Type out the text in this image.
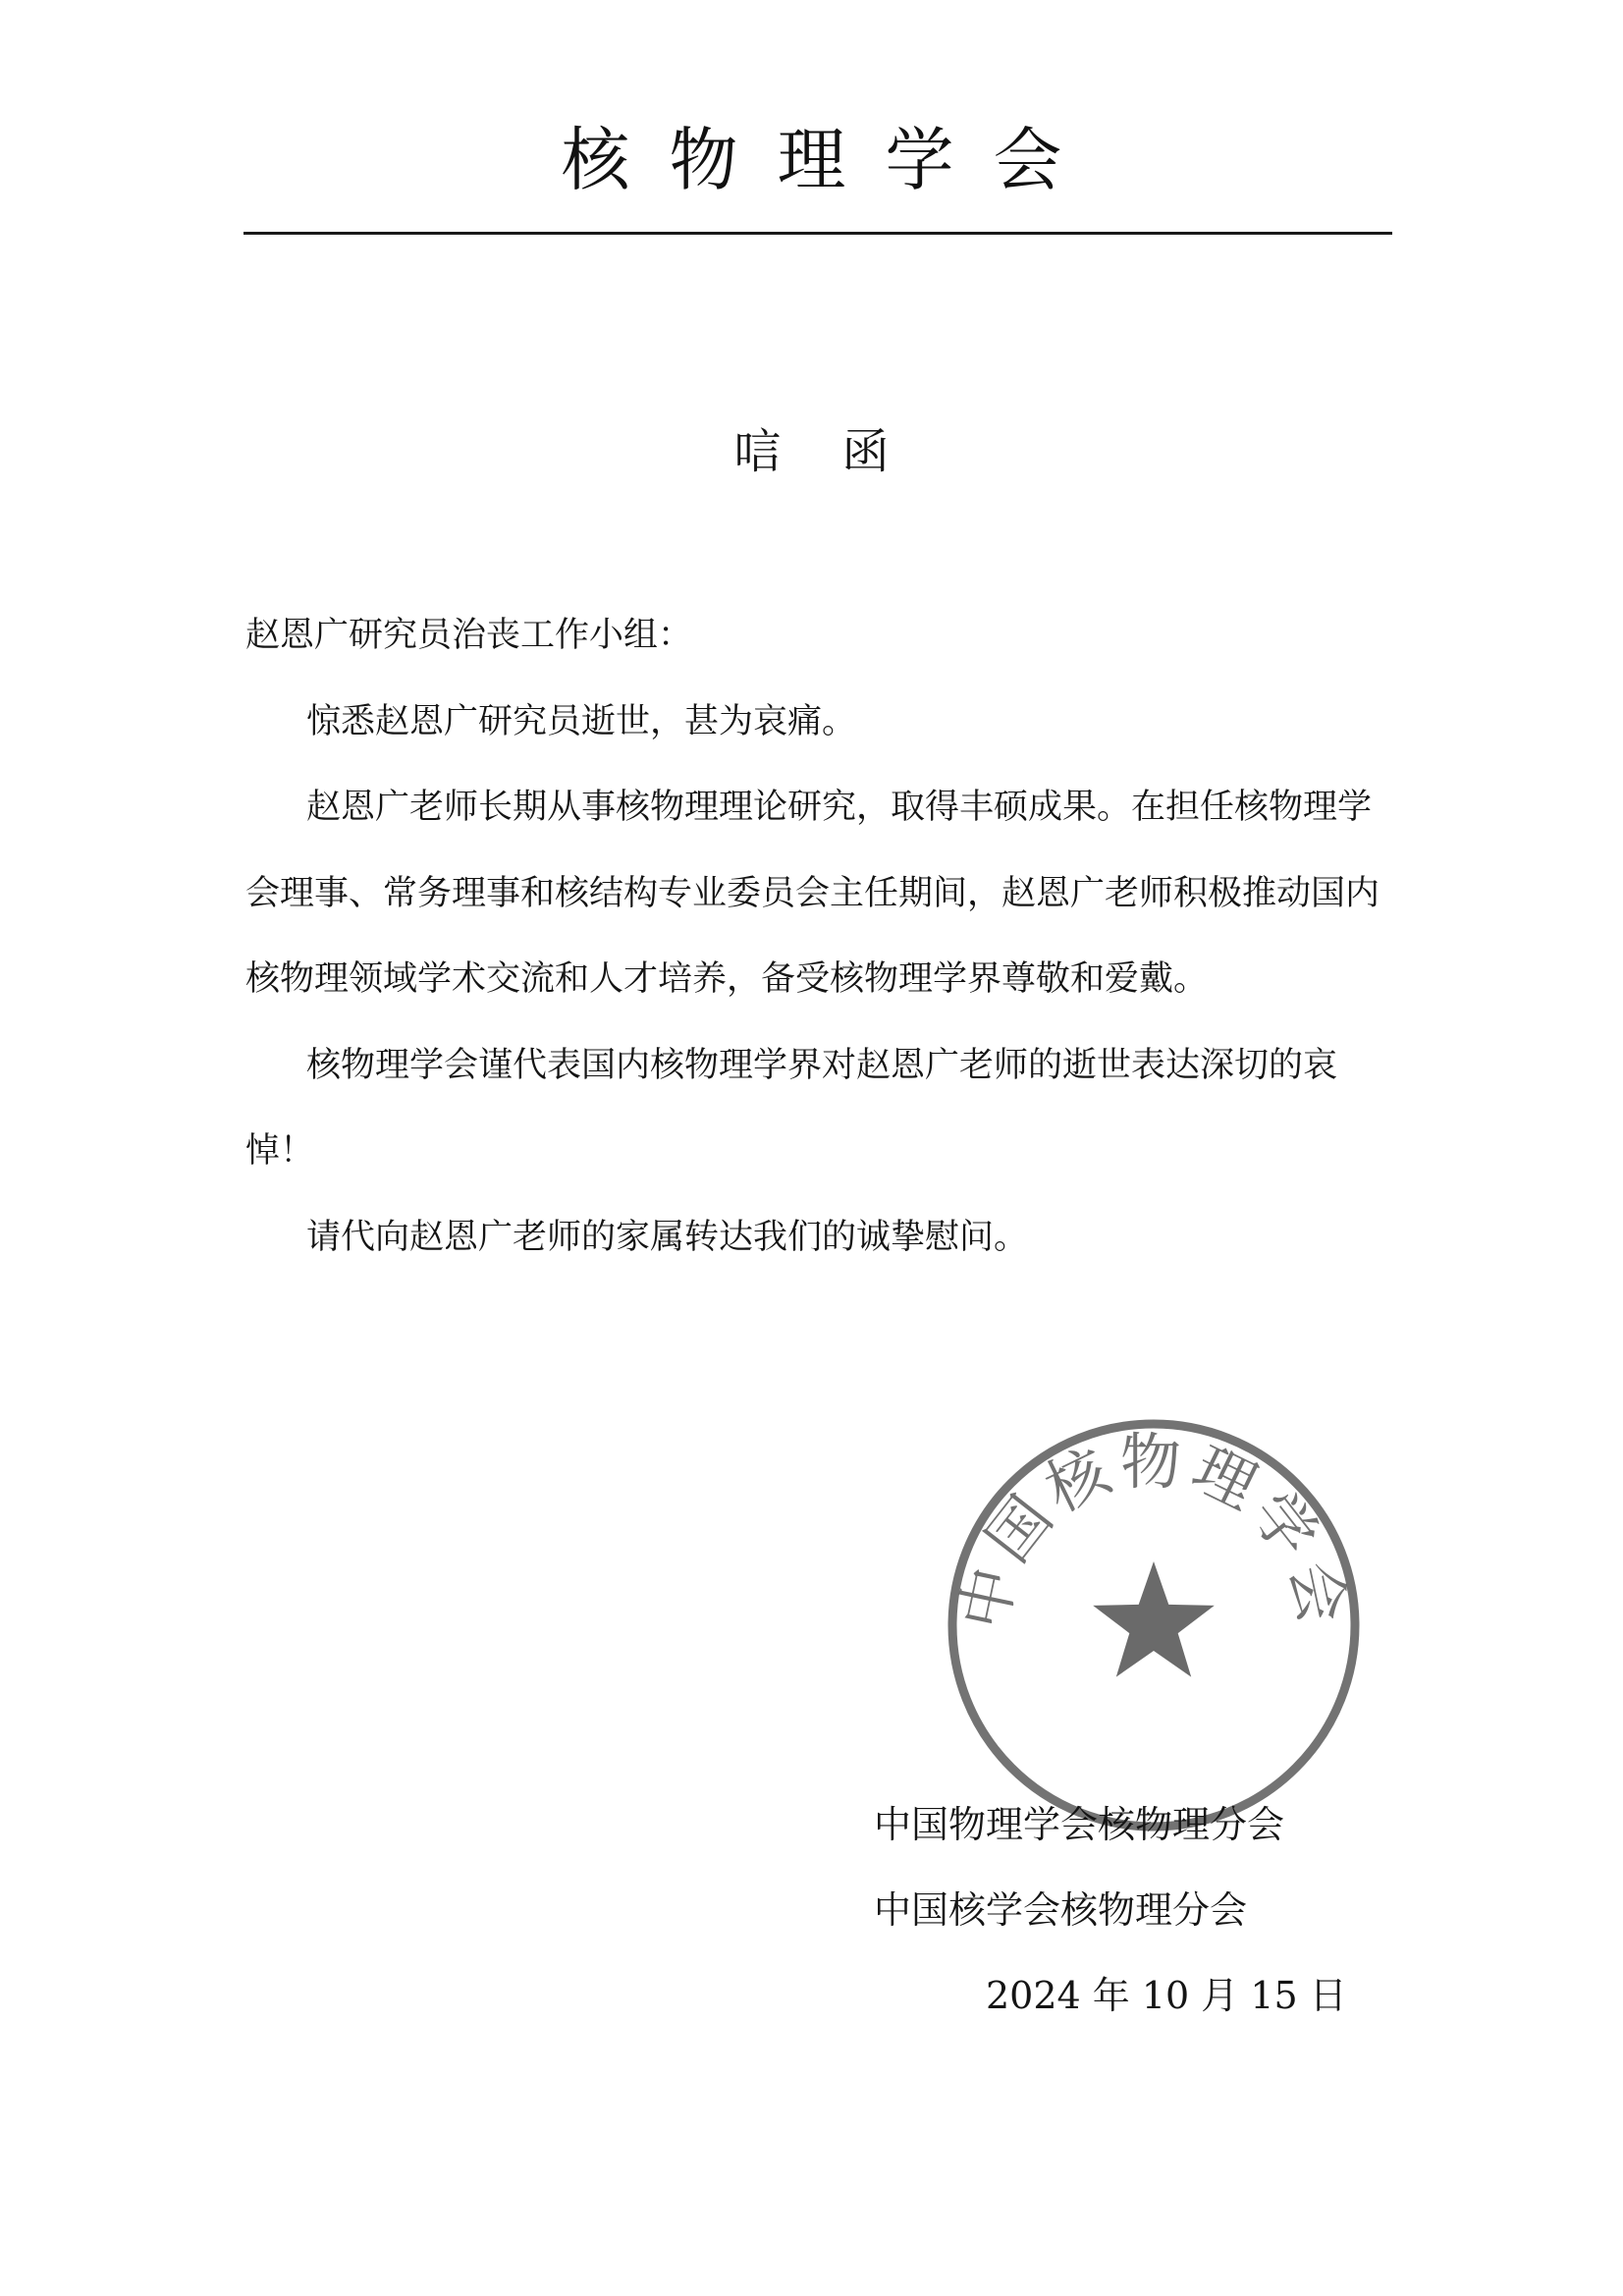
核物理学会
唁函

赵恩广研究员治丧工作小组：

惊悉赵恩广研究员逝世，甚为哀痛。

赵恩广老师长期从事核物理理论研究，取得丰硕成果。在担任核物理学会理事、常务理事和核结构专业委员会主任期间，赵恩广老师积极推动国内核物理领域学术交流和人才培养，备受核物理学界尊敬和爱戴。

核物理学会谨代表国内核物理学界对赵恩广老师的逝世表达深切的哀悼！

请代向赵恩广老师的家属转达我们的诚挚慰问。

中国核物理学会
中国物理学会核物理分会
中国核学会核物理分会
2024 年 10 月 15 日
